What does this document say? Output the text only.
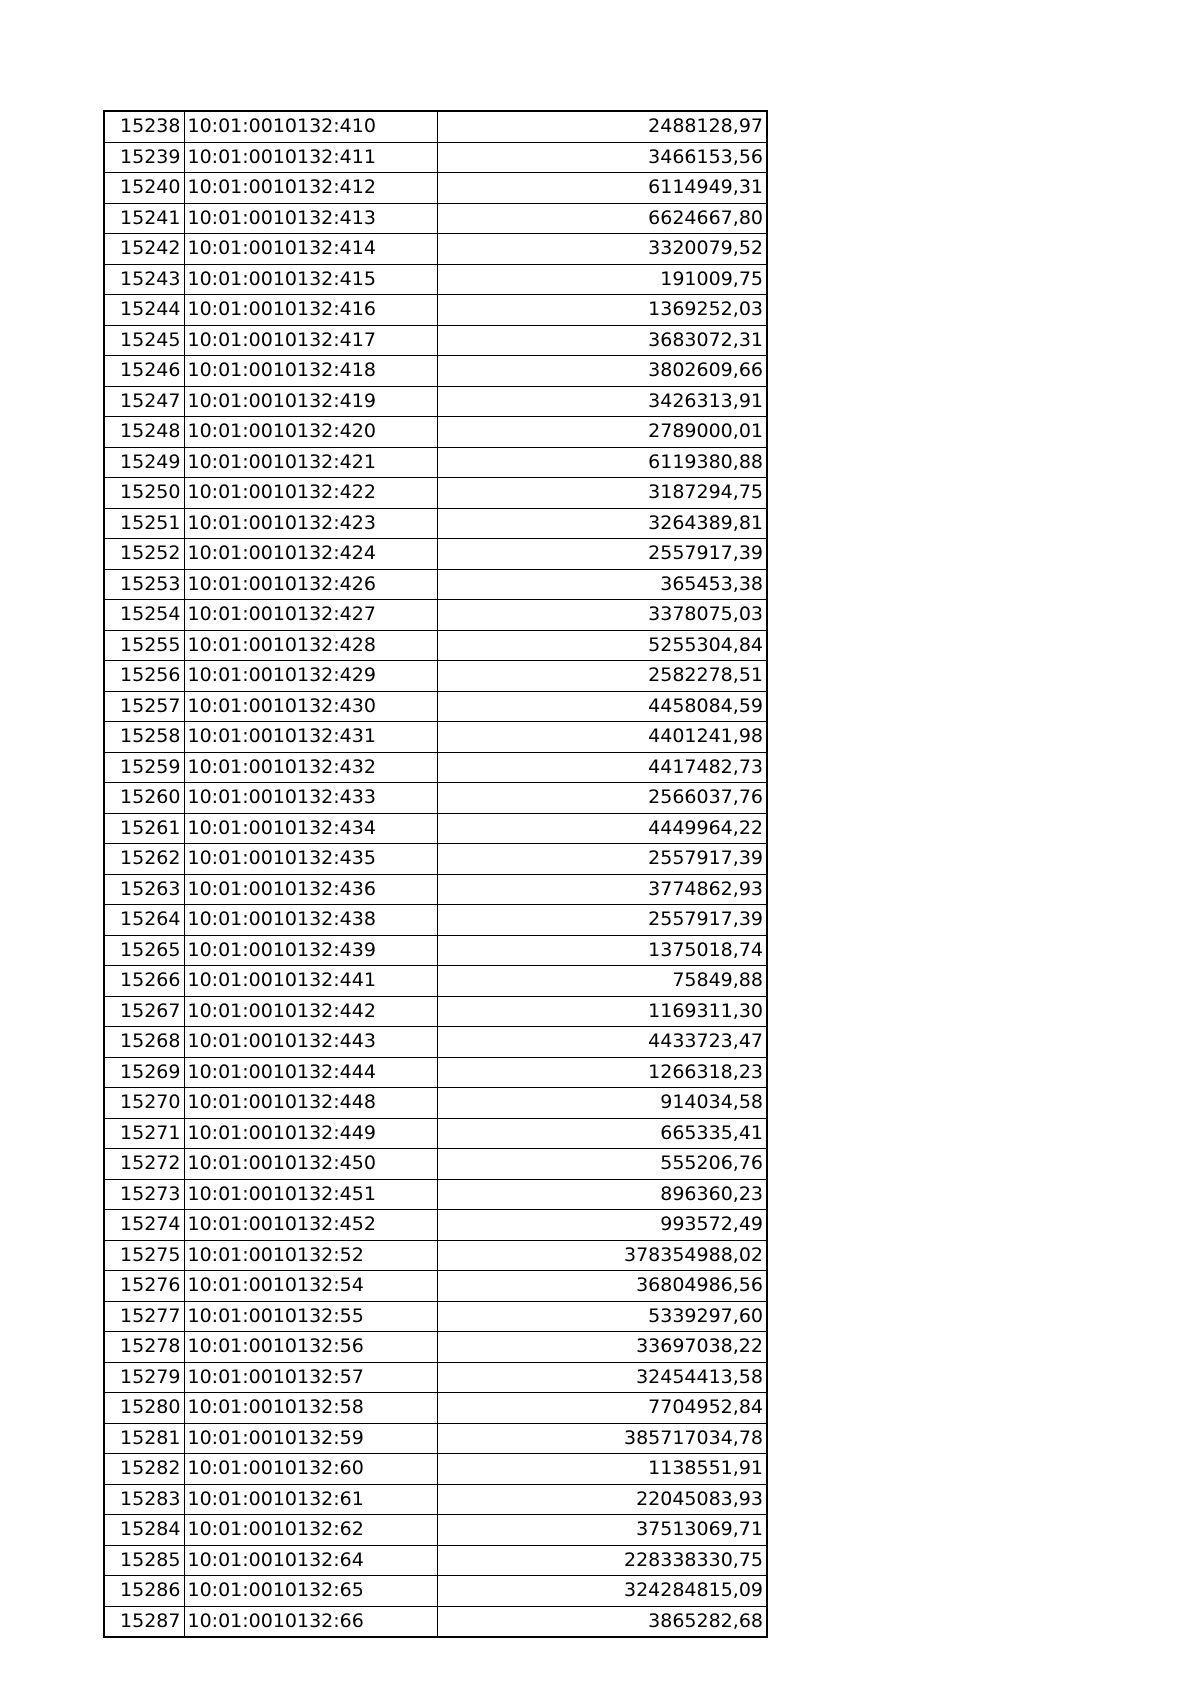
15238	10:01:0010132:410	2488128,97
15239	10:01:0010132:411	3466153,56
15240	10:01:0010132:412	6114949,31
15241	10:01:0010132:413	6624667,80
15242	10:01:0010132:414	3320079,52
15243	10:01:0010132:415	191009,75
15244	10:01:0010132:416	1369252,03
15245	10:01:0010132:417	3683072,31
15246	10:01:0010132:418	3802609,66
15247	10:01:0010132:419	3426313,91
15248	10:01:0010132:420	2789000,01
15249	10:01:0010132:421	6119380,88
15250	10:01:0010132:422	3187294,75
15251	10:01:0010132:423	3264389,81
15252	10:01:0010132:424	2557917,39
15253	10:01:0010132:426	365453,38
15254	10:01:0010132:427	3378075,03
15255	10:01:0010132:428	5255304,84
15256	10:01:0010132:429	2582278,51
15257	10:01:0010132:430	4458084,59
15258	10:01:0010132:431	4401241,98
15259	10:01:0010132:432	4417482,73
15260	10:01:0010132:433	2566037,76
15261	10:01:0010132:434	4449964,22
15262	10:01:0010132:435	2557917,39
15263	10:01:0010132:436	3774862,93
15264	10:01:0010132:438	2557917,39
15265	10:01:0010132:439	1375018,74
15266	10:01:0010132:441	75849,88
15267	10:01:0010132:442	1169311,30
15268	10:01:0010132:443	4433723,47
15269	10:01:0010132:444	1266318,23
15270	10:01:0010132:448	914034,58
15271	10:01:0010132:449	665335,41
15272	10:01:0010132:450	555206,76
15273	10:01:0010132:451	896360,23
15274	10:01:0010132:452	993572,49
15275	10:01:0010132:52	378354988,02
15276	10:01:0010132:54	36804986,56
15277	10:01:0010132:55	5339297,60
15278	10:01:0010132:56	33697038,22
15279	10:01:0010132:57	32454413,58
15280	10:01:0010132:58	7704952,84
15281	10:01:0010132:59	385717034,78
15282	10:01:0010132:60	1138551,91
15283	10:01:0010132:61	22045083,93
15284	10:01:0010132:62	37513069,71
15285	10:01:0010132:64	228338330,75
15286	10:01:0010132:65	324284815,09
15287	10:01:0010132:66	3865282,68
